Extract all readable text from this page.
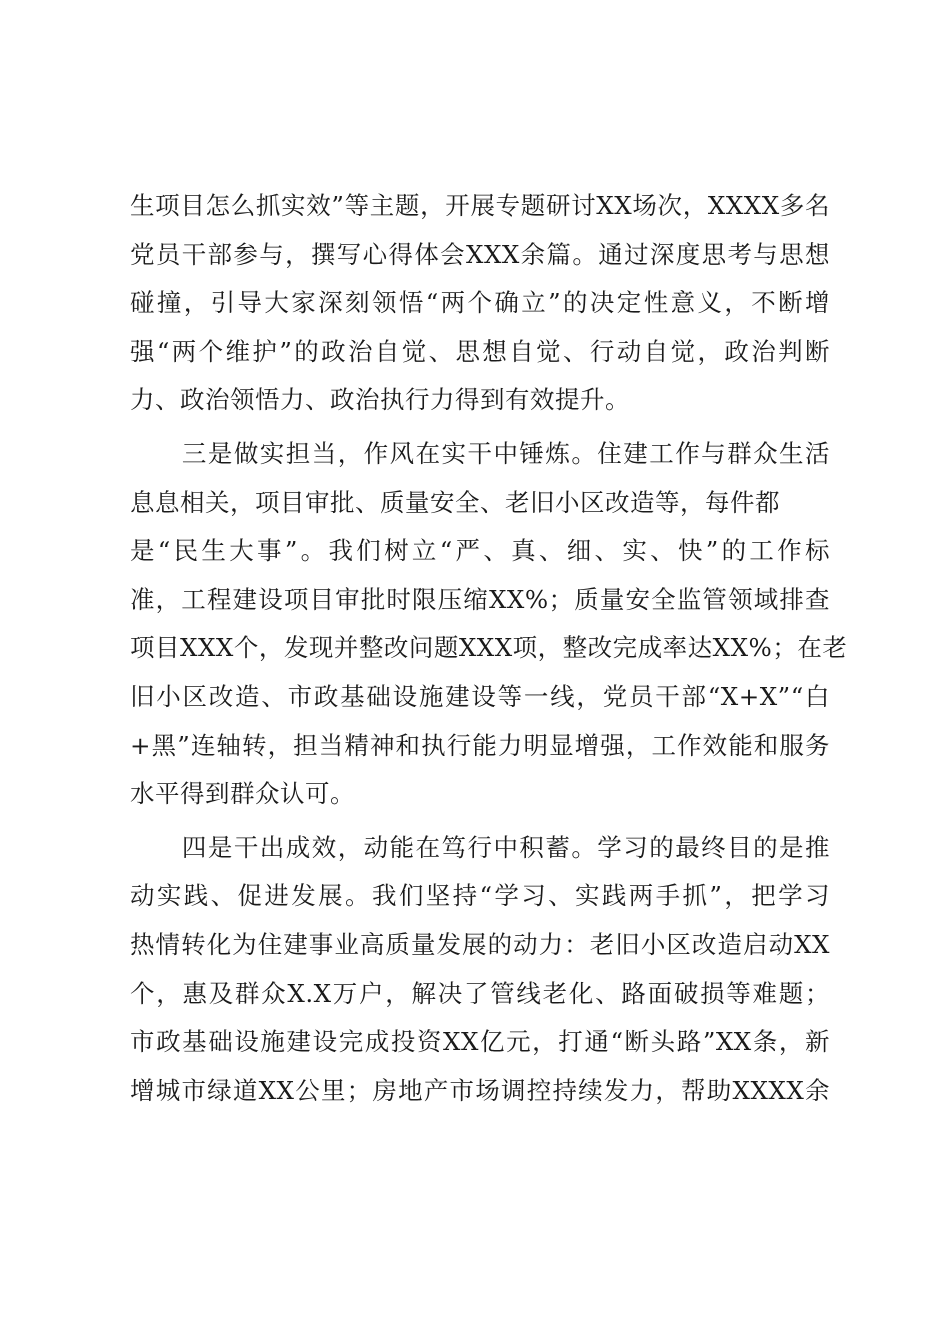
生项目怎么抓实效”等主题，开展专题研讨XX场次，XXXX多名
党员干部参与，撰写心得体会XXX余篇。通过深度思考与思想
碰撞，引导大家深刻领悟“两个确立”的决定性意义，不断增
强“两个维护”的政治自觉、思想自觉、行动自觉，政治判断
力、政治领悟力、政治执行力得到有效提升。
　　三是做实担当，作风在实干中锤炼。住建工作与群众生活
息息相关，项目审批、质量安全、老旧小区改造等，每件都
是“民生大事”。我们树立“严、真、细、实、快”的工作标
准，工程建设项目审批时限压缩XX%；质量安全监管领域排查
项目XXX个，发现并整改问题XXX项，整改完成率达XX%；在老
旧小区改造、市政基础设施建设等一线，党员干部“X+X”“白
+黑”连轴转，担当精神和执行能力明显增强，工作效能和服务
水平得到群众认可。
　　四是干出成效，动能在笃行中积蓄。学习的最终目的是推
动实践、促进发展。我们坚持“学习、实践两手抓”，把学习
热情转化为住建事业高质量发展的动力：老旧小区改造启动XX
个，惠及群众X.X万户，解决了管线老化、路面破损等难题；
市政基础设施建设完成投资XX亿元，打通“断头路”XX条，新
增城市绿道XX公里；房地产市场调控持续发力，帮助XXXX余
